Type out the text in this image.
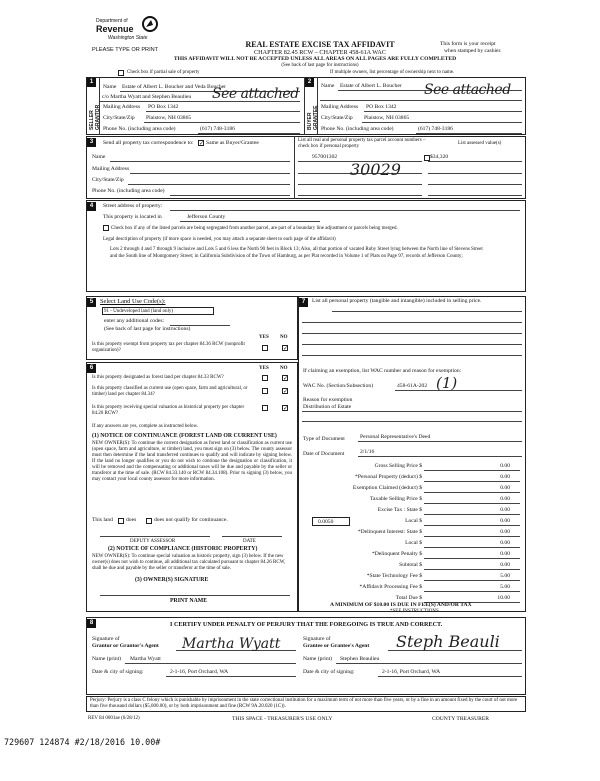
Department of
Revenue
Washington State
PLEASE TYPE OR PRINT
REAL ESTATE EXCISE TAX AFFIDAVIT
CHAPTER 82.45 RCW – CHAPTER 458-61A WAC
THIS AFFIDAVIT WILL NOT BE ACCEPTED UNLESS ALL AREAS ON ALL PAGES ARE FULLY COMPLETED
(See back of last page for instructions)
This form is your receipt
when stamped by cashier.
Check box if partial sale of property	If multiple owners, list percentage of ownership next to name.
1
SELLER GRANTOR
Name Estate of Albert L. Boucher and Veda Boucher
c/o Martha Wyatt and Stephen Beaulieu
Mailing Address PO Box 1342
City/State/Zip Plaistow, NH 03865
Phone No. (including area code)	(617) 748-3186
See attached
2
BUYER GRANTEE
Name Estate of Albert L. Boucher
Mailing Address PO Box 1342
City/State/Zip Plaistow, NH 03865
Phone No. (including area code)	(617) 748-3186
See attached
3	Send all property tax correspondence to: ✓ Same as Buyer/Grantee
Name
Mailing Address
City/State/Zip
Phone No. (including area code)
List all real and personal property tax parcel account numbers – check box if personal property
List assessed value(s)
957001302	$34,320
30029
4	Street address of property:
This property is located in	Jefferson County
Check box if any of the listed parcels are being segregated from another parcel, are part of a boundary line adjustment or parcels being merged.
Legal description of property (if more space is needed, you may attach a separate sheet to each page of the affidavit)
Lots 2 through 4 and 7 through 9 inclusive and Lots 5 and 6 less the North 90 feet in Block 13; Also, all that portion of vacated Ruby Street lying between the North line of Stevens Street and the South line of Montgomery Street; in California Subdivision of the Town of Hamburg, as per Plat recorded in Volume 1 of Plats on Page 97, records of Jefferson County;
5	Select Land Use Code(s):
91 - Undeveloped land (land only)
enter any additional codes:
(See back of last page for instructions)
YES NO
Is this property exempt from property tax per chapter 84.36 RCW (nonprofit organization)?	✓
6	YES NO
Is this property designated as forest land per chapter 84.33 RCW?	✓
Is this property classified as current use (open space, farm and agricultural, or timber) land per chapter 84.34?	✓
Is this property receiving special valuation as historical property per chapter 84.26 RCW?
✓
If any answers are yes, complete as instructed below.
(1) NOTICE OF CONTINUANCE (FOREST LAND OR CURRENT USE)
NEW OWNER(S): To continue the current designation as forest land or classification as current use (open space, farm and agriculture, or timber) land, you must sign on (3) below. The county assessor must then determine if the land transferred continues to qualify and will indicate by signing below. If the land no longer qualifies or you do not wish to continue the designation or classification, it will be removed and the compensating or additional taxes will be due and payable by the seller or transferor at the time of sale. (RCW 84.33.140 or RCW 84.34.108). Prior to signing (3) below, you may contact your local county assessor for more information.
This land does	does not qualify for continuance.
DEPUTY ASSESSOR	DATE
(2) NOTICE OF COMPLIANCE (HISTORIC PROPERTY)
NEW OWNER(S): To continue special valuation as historic property, sign (3) below. If the new owner(s) does not wish to continue, all additional tax calculated pursuant to chapter 84.26 RCW, shall be due and payable by the seller or transferor at the time of sale.
(3) OWNER(S) SIGNATURE
PRINT NAME
7	List all personal property (tangible and intangible) included in selling price.
If claiming an exemption, list WAC number and reason for exemption:
WAC No. (Section/Subsection)	458-61A-202 (1)
Reason for exemption
Distribution of Estate
Type of Document	Personal Representative's Deed
Date of Document	2/1/16
Gross Selling Price $	0.00
*Personal Property (deduct) $	0.00
Exemption Claimed (deduct) $	0.00
Taxable Selling Price $	0.00
Excise Tax : State $	0.00
0.0050	Local $	0.00
*Delinquent Interest: State $	0.00
Local $	0.00
*Delinquent Penalty $	0.00
Subtotal $	0.00
*State Technology Fee $	5.00
*Affidavit Processing Fee $	5.00
Total Due $	10.00
A MINIMUM OF $10.00 IS DUE IN FEE(S) AND/OR TAX
*SEE INSTRUCTIONS
8	I CERTIFY UNDER PENALTY OF PERJURY THAT THE FOREGOING IS TRUE AND CORRECT.
Signature of
Grantor or Grantor's Agent Martha Wyatt
Name (print) Martha Wyatt
Date & city of signing:	2-1-16, Port Orchard, WA
Signature of
Grantee or Grantee's Agent Steph Beauli
Name (print) Stephen Beaulieu
Date & city of signing:	2-1-16, Port Orchard, WA
Perjury: Perjury is a class C felony which is punishable by imprisonment in the state correctional institution for a maximum term of not more than five years, or by a fine in an amount fixed by the court of not more than five thousand dollars ($5,000.00), or by both imprisonment and fine (RCW 9A.20.020 (1C)).
REV 84 0001ae (6/28/12)	THIS SPACE - TREASURER'S USE ONLY	COUNTY TREASURER
729607 124874 #2/18/2016 10.00#
